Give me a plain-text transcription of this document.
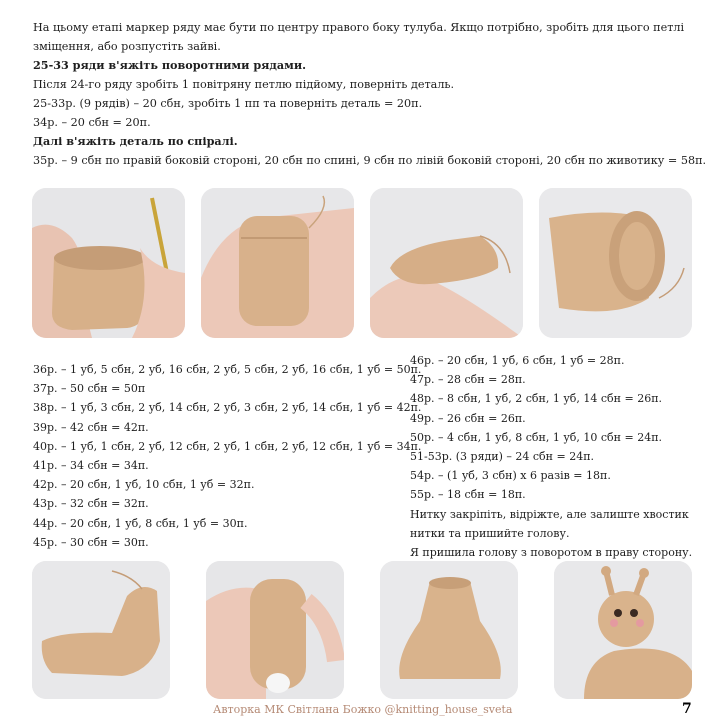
На цьому етапі маркер ряду має бути по центру правого боку тулуба. Якщо потрібно, зробіть для цього петлі зміщення, або розпустіть зайві.

25-33 ряди в'яжіть поворотними рядами.

Після 24-го ряду зробіть 1 повітряну петлю підйому, поверніть деталь.

25-33р. (9 рядів) – 20 сбн, зробіть 1 пп та поверніть деталь = 20п.

34р. – 20 сбн = 20п.

Далі в'яжіть деталь по спіралі.

35р. – 9 сбн по правій боковій стороні, 20 сбн по спині, 9 сбн по лівій боковій стороні, 20 сбн по животику = 58п.

36р. – 1 уб, 5 сбн, 2 уб, 16 сбн, 2 уб, 5 сбн, 2 уб, 16 сбн, 1 уб = 50п.

37р. – 50 сбн = 50п

38р. – 1 уб, 3 сбн, 2 уб, 14 сбн, 2 уб, 3 сбн, 2 уб, 14 сбн, 1 уб = 42п.

39р. – 42 сбн = 42п.

40р. – 1 уб, 1 сбн, 2 уб, 12 сбн, 2 уб, 1 сбн, 2 уб, 12 сбн, 1 уб = 34п.

41р. – 34 сбн = 34п.

42р. – 20 сбн, 1 уб, 10 сбн, 1 уб = 32п.

43р. – 32 сбн = 32п.

44р. – 20 сбн, 1 уб, 8 сбн, 1 уб = 30п.

45р. – 30 сбн = 30п.

46р. – 20 сбн, 1 уб, 6 сбн, 1 уб = 28п.

47р. – 28 сбн = 28п.

48р. – 8 сбн, 1 уб, 2 сбн, 1 уб, 14 сбн = 26п.

49р. – 26 сбн = 26п.

50р. – 4 сбн, 1 уб, 8 сбн, 1 уб, 10 сбн = 24п.

51-53р. (3 ряди) – 24 сбн = 24п.

54р. – (1 уб, 3 сбн) x 6 разів = 18п.

55р. – 18 сбн = 18п.

Нитку закріпіть, відріжте, але залиште хвостик нитки та пришийте голову.

Я пришила голову з поворотом в праву сторону.

Авторка МК Світлана Божко @knitting_house_sveta	7
